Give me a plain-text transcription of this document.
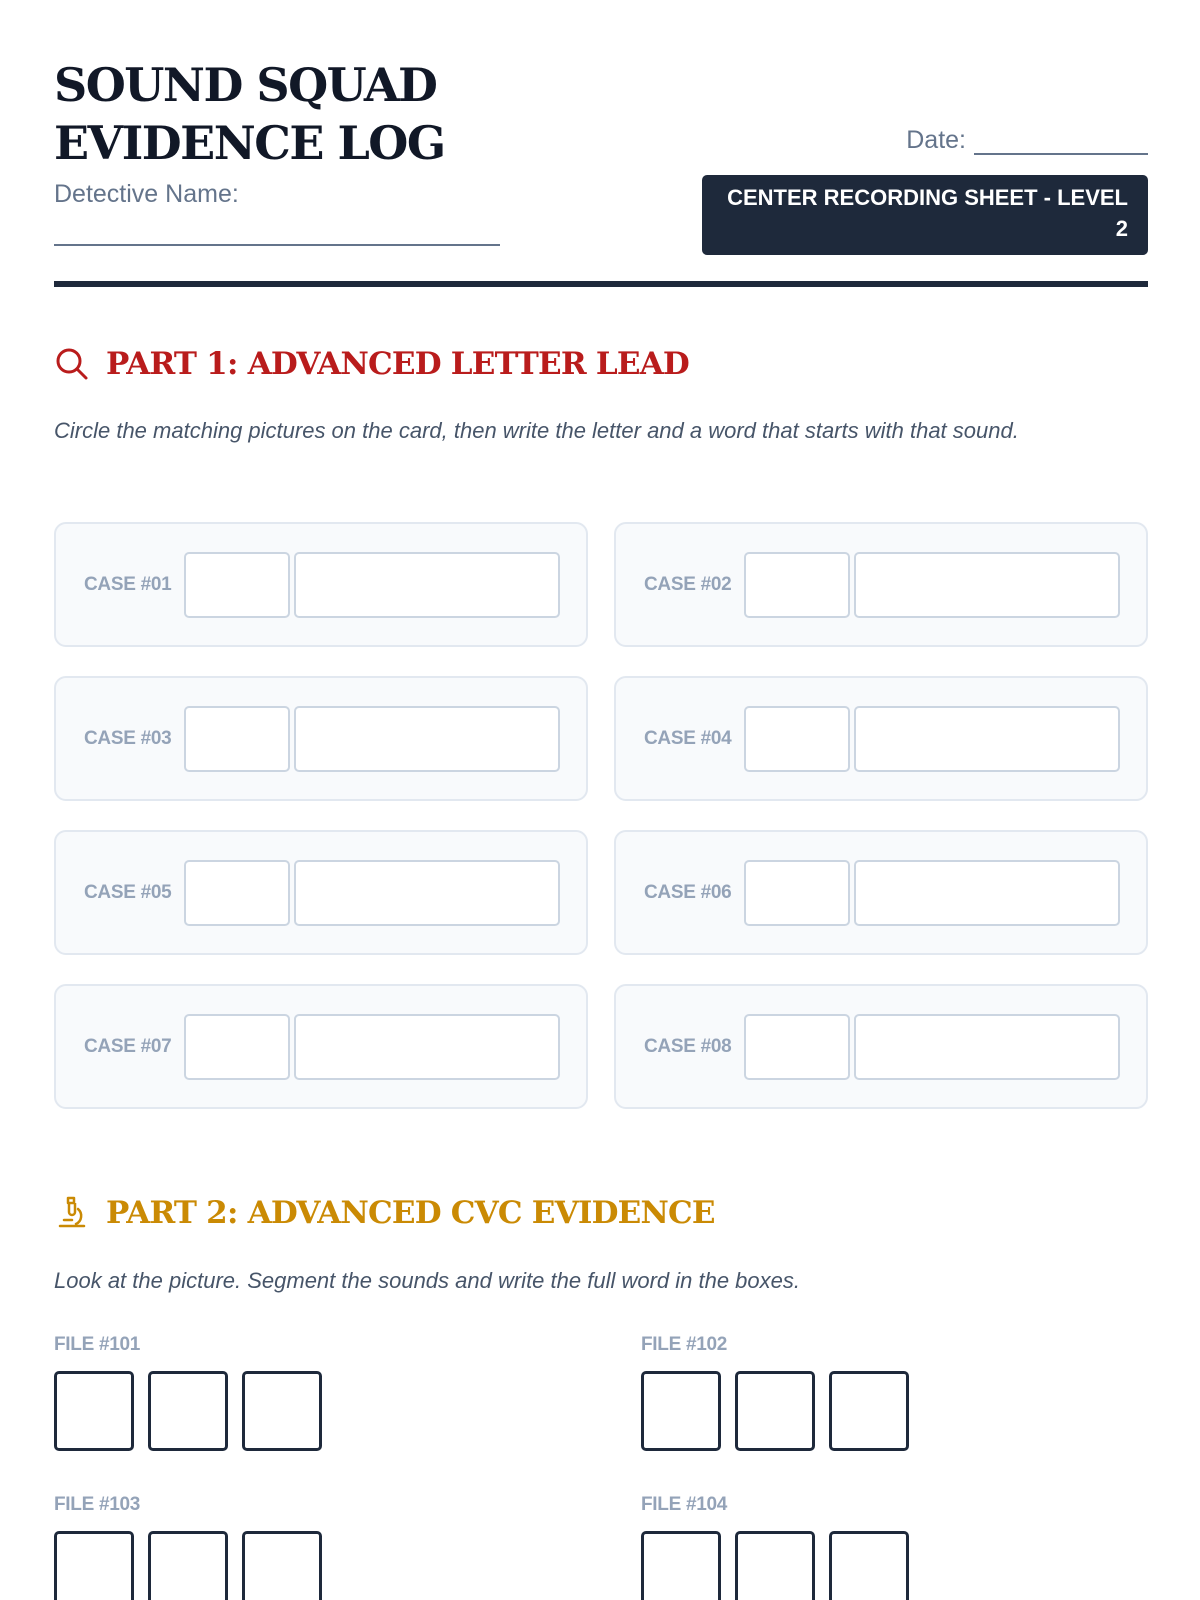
SOUND SQUAD EVIDENCE LOG
Detective Name:
Date:
CENTER RECORDING SHEET - LEVEL 2
PART 1: ADVANCED LETTER LEAD
Circle the matching pictures on the card, then write the letter and a word that starts with that sound.
CASE #01	CASE #02
CASE #03	CASE #04
CASE #05	CASE #06
CASE #07	CASE #08
PART 2: ADVANCED CVC EVIDENCE
Look at the picture. Segment the sounds and write the full word in the boxes.
FILE #101	FILE #102
FILE #103	FILE #104
